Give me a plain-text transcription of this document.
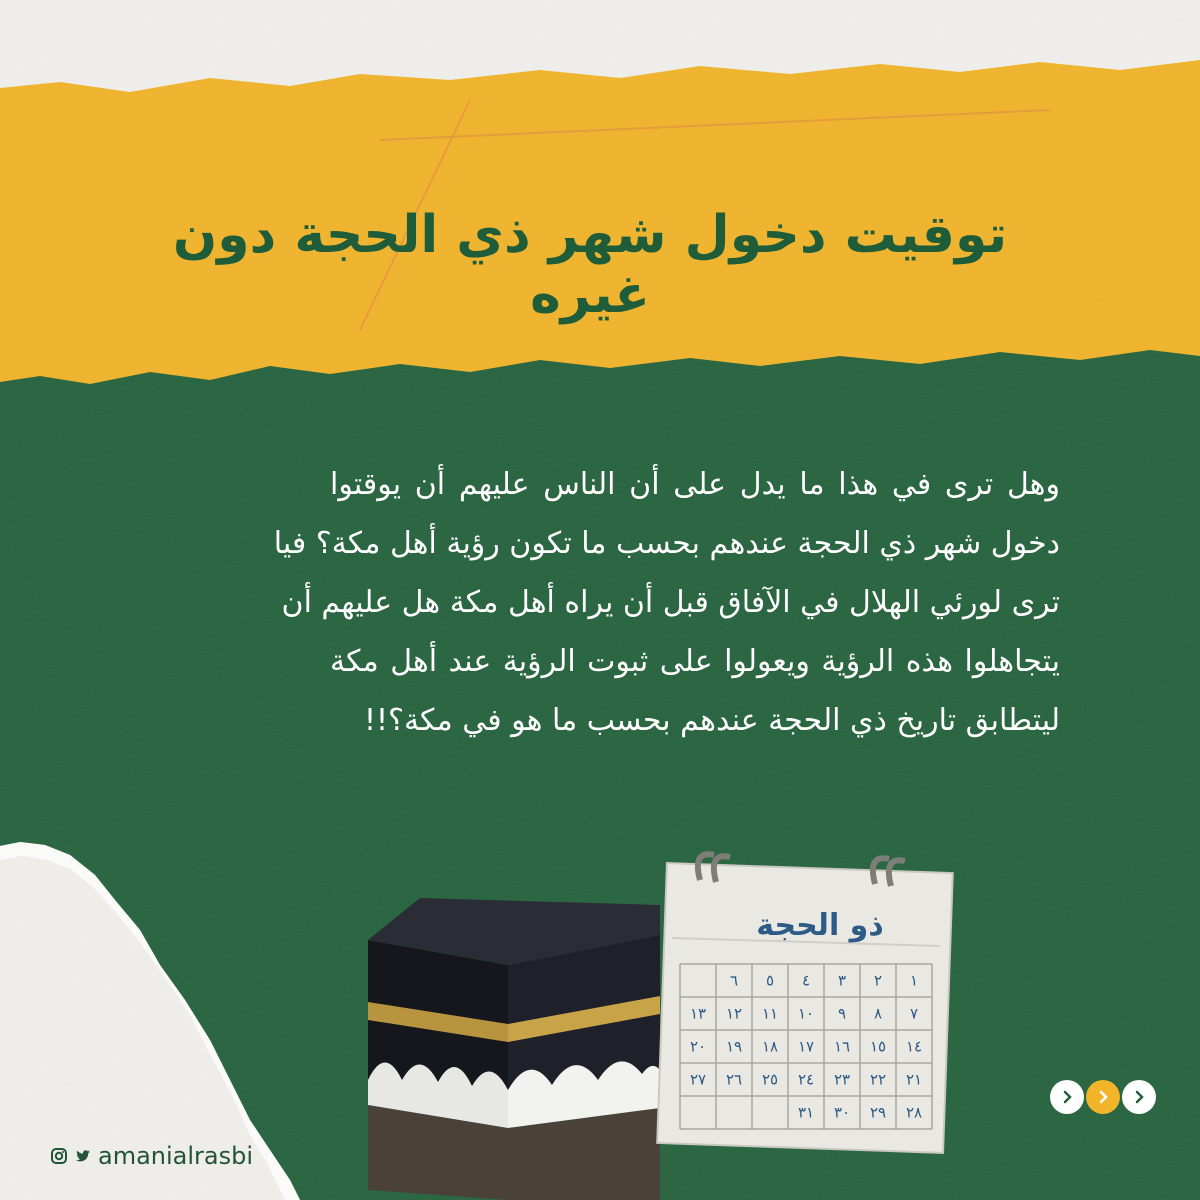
توقيت دخول شهر ذي الحجة دون غيره
وهل ترى في هذا ما يدل على أن الناس عليهم أن يوقتوا
دخول شهر ذي الحجة عندهم بحسب ما تكون رؤية أهل مكة؟ فيا
ترى لورئي الهلال في الآفاق قبل أن يراه أهل مكة هل عليهم أن
يتجاهلوا هذه الرؤية ويعولوا على ثبوت الرؤية عند أهل مكة
ليتطابق تاريخ ذي الحجة عندهم بحسب ما هو في مكة؟!!
ذو الحجة
١
٢
٣
٤
٥
٦
٧
٨
٩
١٠
١١
١٢
١٣
١٤
١٥
١٦
١٧
١٨
١٩
٢٠
٢١
٢٢
٢٣
٢٤
٢٥
٢٦
٢٧
٢٨
٢٩
٣٠
٣١
amanialrasbi
